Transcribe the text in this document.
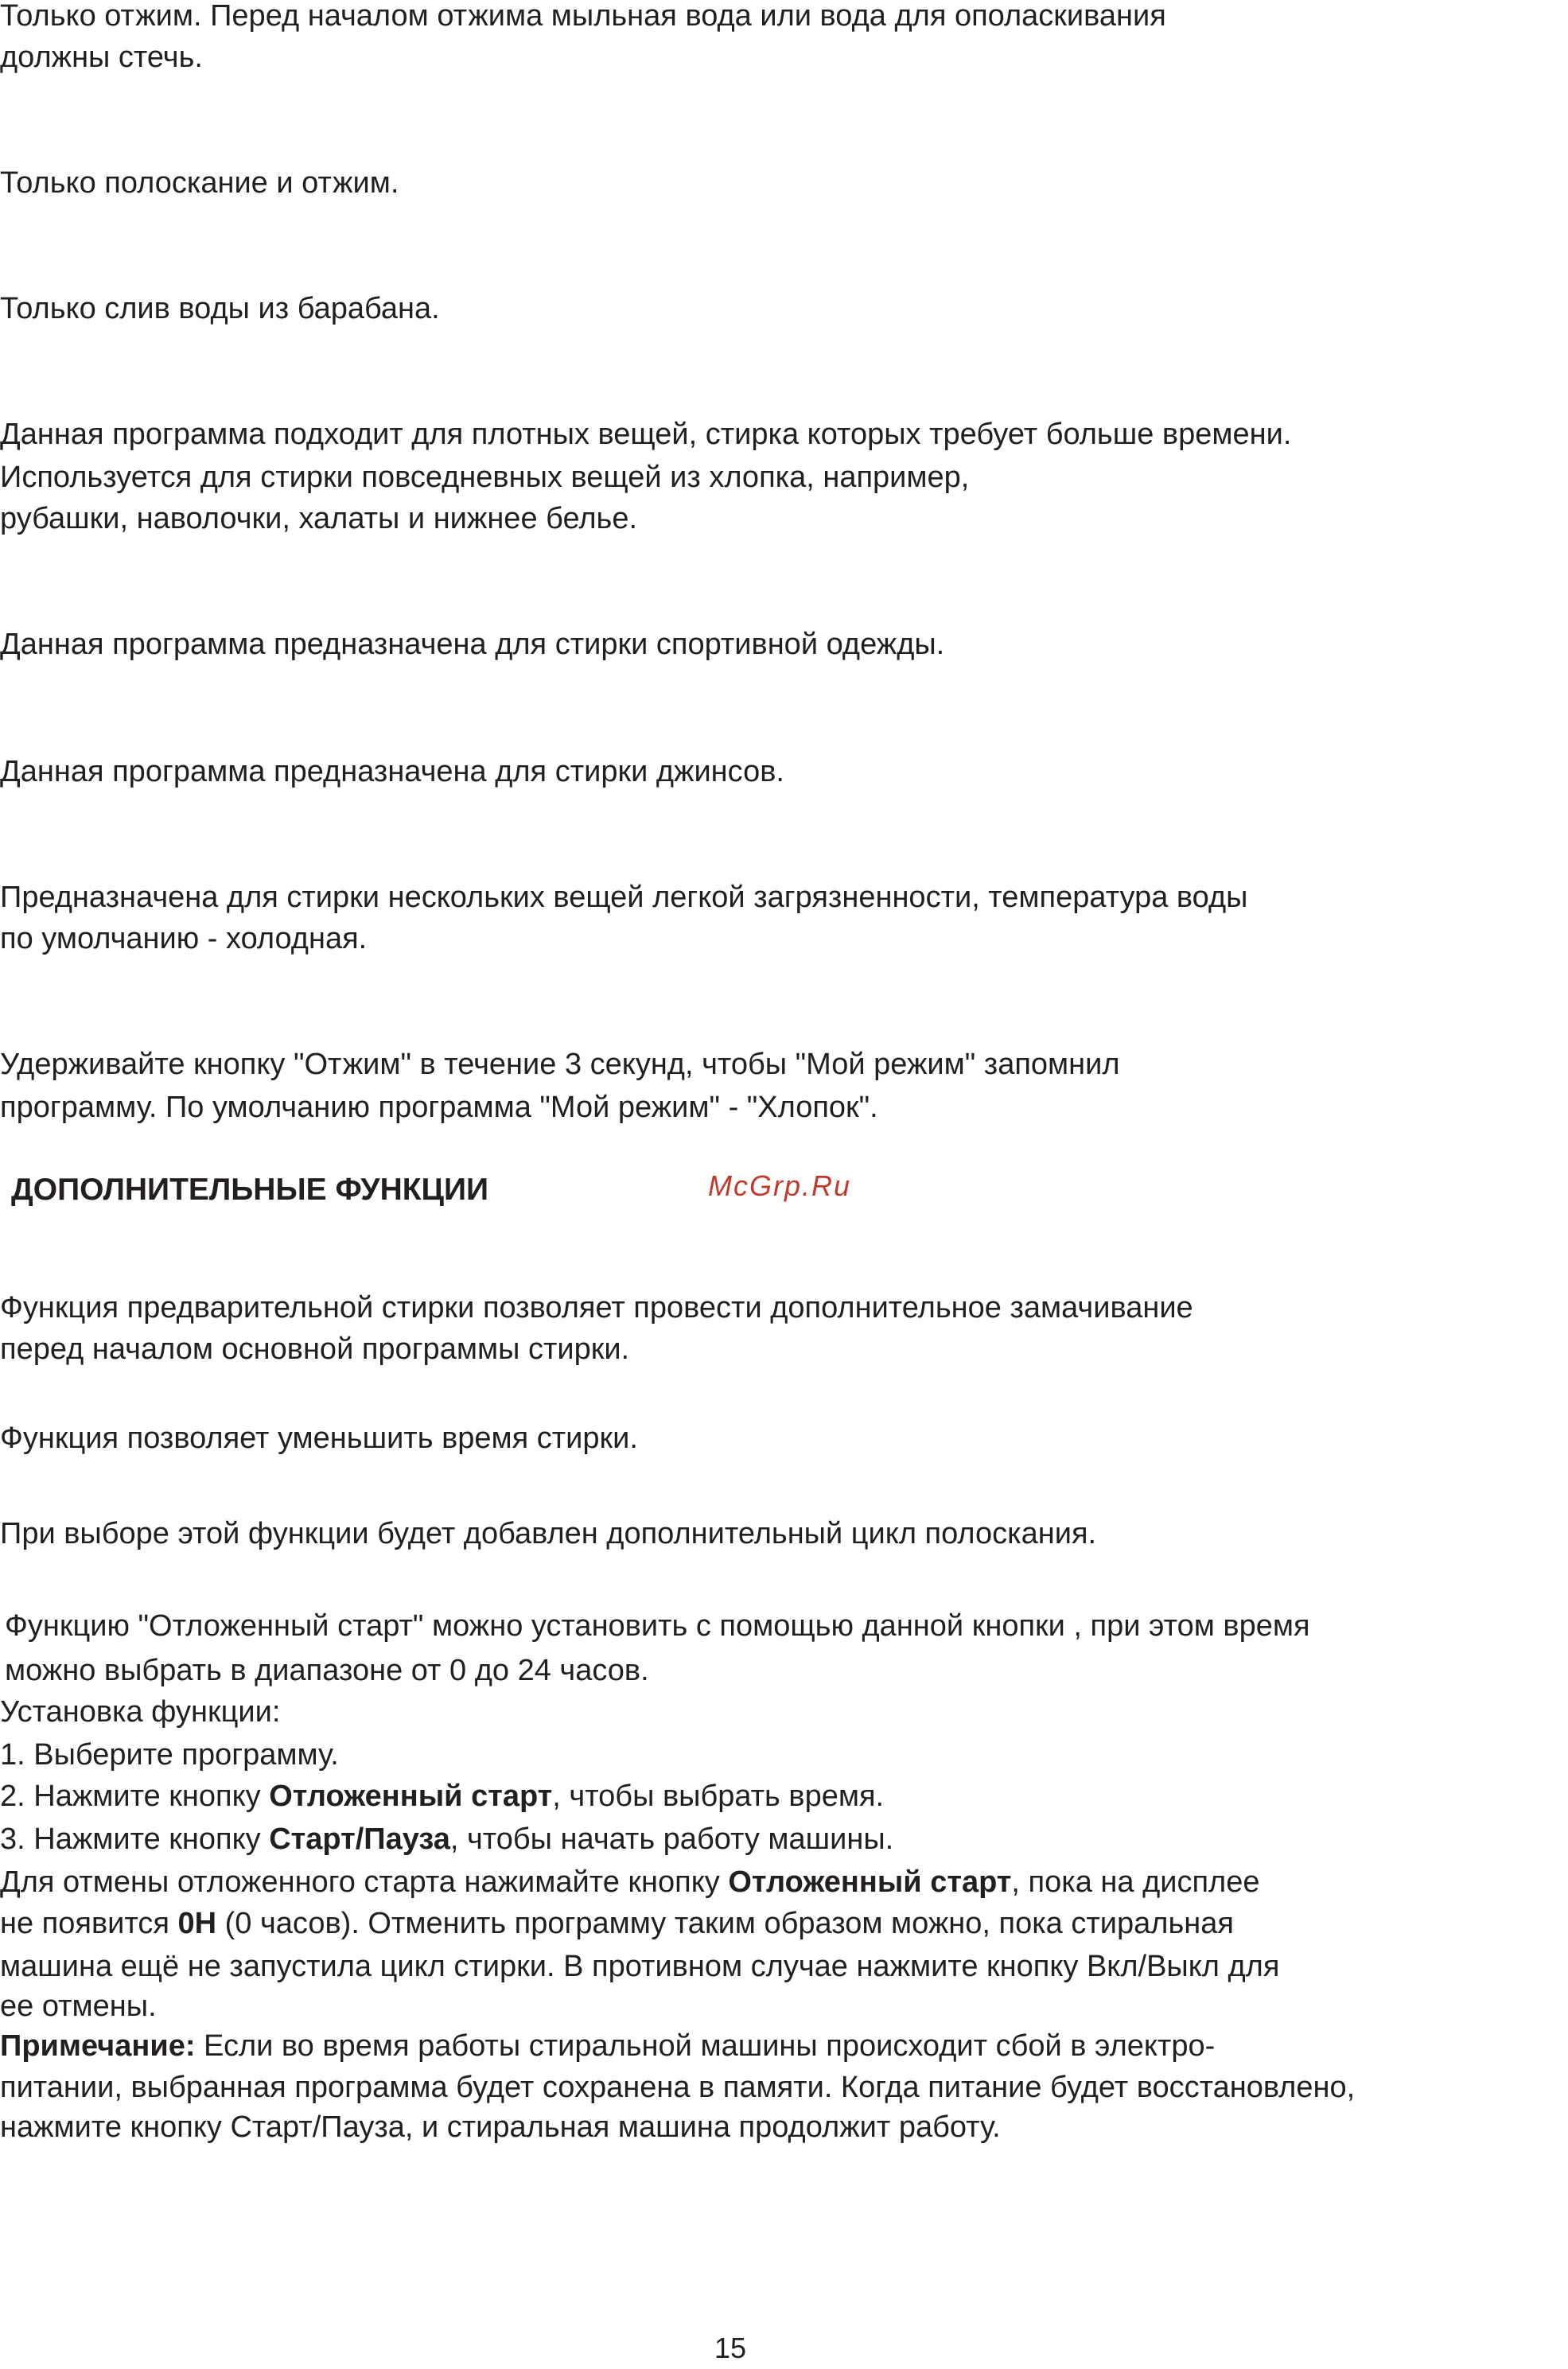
Только отжим. Перед началом отжима мыльная вода или вода для ополаскивания

должны стечь.

Только полоскание и отжим.

Только слив воды из барабана.

Данная программа подходит для плотных вещей, стирка которых требует больше времени.

Используется для стирки повседневных вещей из хлопка, например,

рубашки, наволочки, халаты и нижнее белье.

Данная программа предназначена для стирки спортивной одежды.

Данная программа предназначена для стирки джинсов.

Предназначена для стирки нескольких вещей легкой загрязненности, температура воды

по умолчанию - холодная.

Удерживайте кнопку "Отжим" в течение 3 секунд, чтобы "Мой режим" запомнил

программу. По умолчанию программа "Мой режим" - "Хлопок".

ДОПОЛНИТЕЛЬНЫЕ ФУНКЦИИ	McGrp.Ru

Функция предварительной стирки позволяет провести дополнительное замачивание

перед началом основной программы стирки.

Функция позволяет уменьшить время стирки.

При выборе этой функции будет добавлен дополнительный цикл полоскания.

Функцию "Отложенный старт" можно установить с помощью данной кнопки , при этом время

можно выбрать в диапазоне от 0 до 24 часов.

Установка функции:

1. Выберите программу.

2. Нажмите кнопку Отложенный старт, чтобы выбрать время.

3. Нажмите кнопку Старт/Пауза, чтобы начать работу машины.

Для отмены отложенного старта нажимайте кнопку Отложенный старт, пока на дисплее

не появится 0Н (0 часов). Отменить программу таким образом можно, пока стиральная

машина ещё не запустила цикл стирки. В противном случае нажмите кнопку Вкл/Выкл для

ее отмены.

Примечание: Если во время работы стиральной машины происходит сбой в электро-

питании, выбранная программа будет сохранена в памяти. Когда питание будет восстановлено,

нажмите кнопку Старт/Пауза, и стиральная машина продолжит работу.

15
